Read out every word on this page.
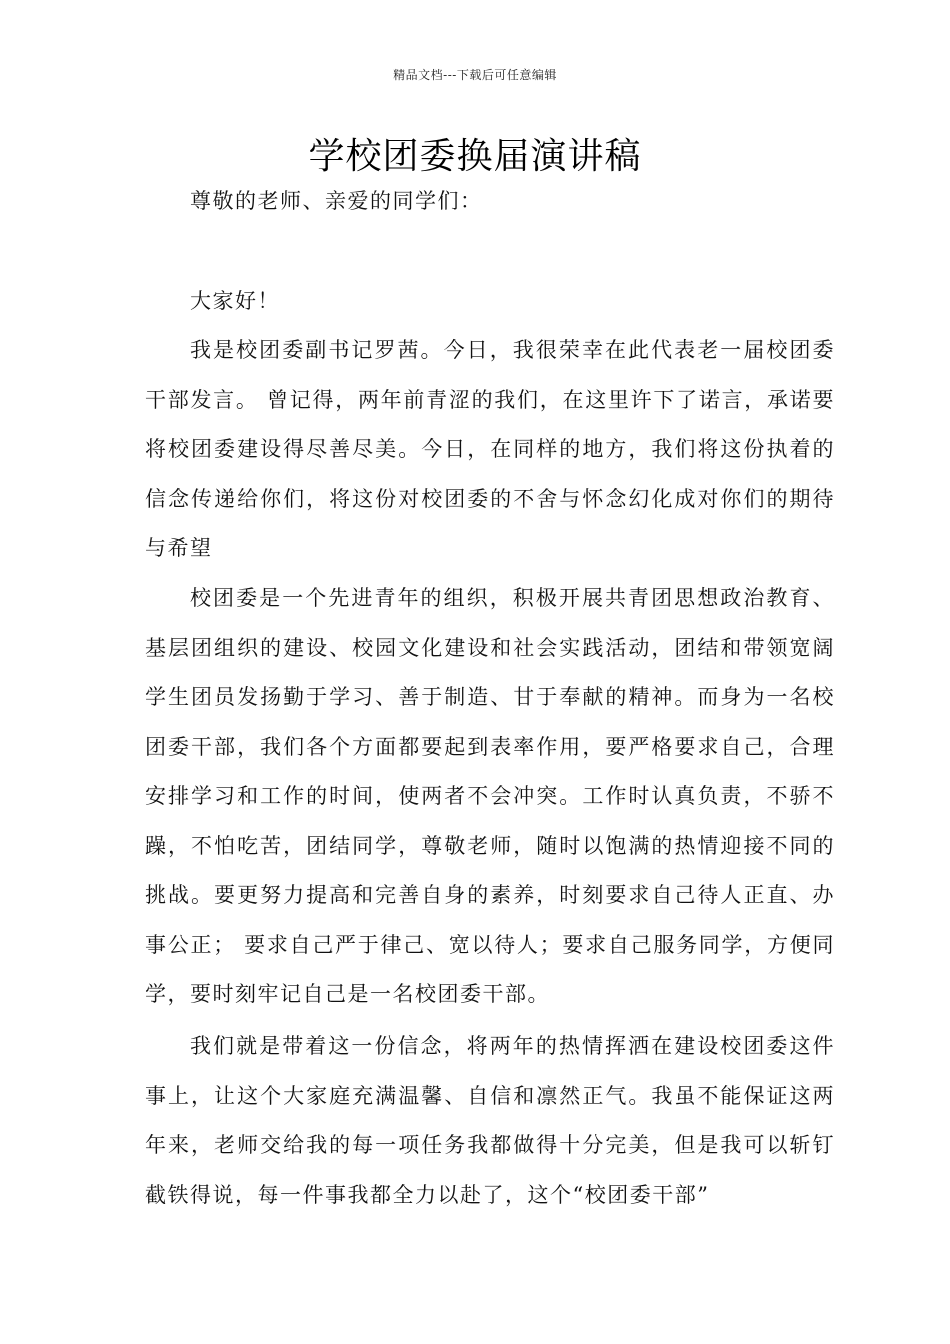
精品文档---下载后可任意编辑
学校团委换届演讲稿
尊敬的老师、亲爱的同学们：
大家好！

我是校团委副书记罗茜。今日，我很荣幸在此代表老一届校团委干部发言。 曾记得，两年前青涩的我们，在这里许下了诺言，承诺要将校团委建设得尽善尽美。今日，在同样的地方，我们将这份执着的信念传递给你们，将这份对校团委的不舍与怀念幻化成对你们的期待与希望

校团委是一个先进青年的组织，积极开展共青团思想政治教育、基层团组织的建设、校园文化建设和社会实践活动，团结和带领宽阔学生团员发扬勤于学习、善于制造、甘于奉献的精神。而身为一名校团委干部，我们各个方面都要起到表率作用，要严格要求自己，合理安排学习和工作的时间，使两者不会冲突。工作时认真负责，不骄不躁，不怕吃苦，团结同学，尊敬老师，随时以饱满的热情迎接不同的挑战。要更努力提高和完善自身的素养，时刻要求自己待人正直、办事公正； 要求自己严于律己、宽以待人；要求自己服务同学，方便同学，要时刻牢记自己是一名校团委干部。

我们就是带着这一份信念，将两年的热情挥洒在建设校团委这件事上，让这个大家庭充满温馨、自信和凛然正气。我虽不能保证这两年来，老师交给我的每一项任务我都做得十分完美，但是我可以斩钉截铁得说，每一件事我都全力以赴了，这个“校团委干部”
